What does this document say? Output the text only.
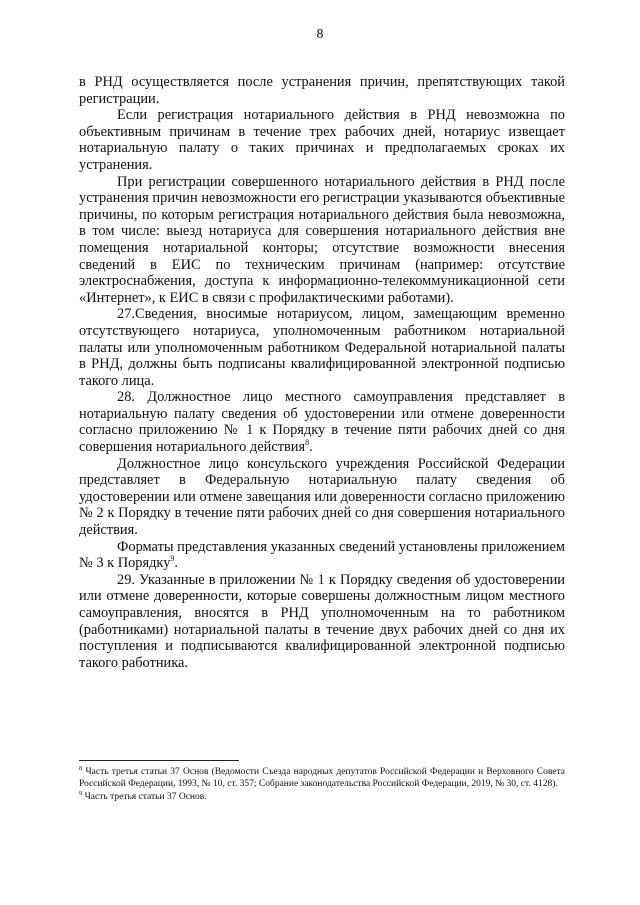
8

в РНД осуществляется после устранения причин, препятствующих такой регистрации.

Если регистрация нотариального действия в РНД невозможна по объективным причинам в течение трех рабочих дней, нотариус извещает нотариальную палату о таких причинах и предполагаемых сроках их устранения.

При регистрации совершенного нотариального действия в РНД после устранения причин невозможности его регистрации указываются объективные причины, по которым регистрация нотариального действия была невозможна, в том числе: выезд нотариуса для совершения нотариального действия вне помещения нотариальной конторы; отсутствие возможности внесения сведений в ЕИС по техническим причинам (например: отсутствие электроснабжения, доступа к информационно-телекоммуникационной сети «Интернет», к ЕИС в связи с профилактическими работами).

27.Сведения, вносимые нотариусом, лицом, замещающим временно отсутствующего нотариуса, уполномоченным работником нотариальной палаты или уполномоченным работником Федеральной нотариальной палаты в РНД, должны быть подписаны квалифицированной электронной подписью такого лица.

28. Должностное лицо местного самоуправления представляет в нотариальную палату сведения об удостоверении или отмене доверенности согласно приложению № 1 к Порядку в течение пяти рабочих дней со дня совершения нотариального действия$^8$.

Должностное лицо консульского учреждения Российской Федерации представляет в Федеральную нотариальную палату сведения об удостоверении или отмене завещания или доверенности согласно приложению № 2 к Порядку в течение пяти рабочих дней со дня совершения нотариального действия.

Форматы представления указанных сведений установлены приложением № 3 к Порядку$^9$.

29. Указанные в приложении № 1 к Порядку сведения об удостоверении или отмене доверенности, которые совершены должностным лицом местного самоуправления, вносятся в РНД уполномоченным на то работником (работниками) нотариальной палаты в течение двух рабочих дней со дня их поступления и подписываются квалифицированной электронной подписью такого работника.

$^8$ Часть третья статьи 37 Основ (Ведомости Съезда народных депутатов Российской Федерации и Верховного Совета Российской Федерации, 1993, № 10, ст. 357; Собрание законодательства Российской Федерации, 2019, № 30, ст. 4128).

$^9$ Часть третья статьи 37 Основ.
